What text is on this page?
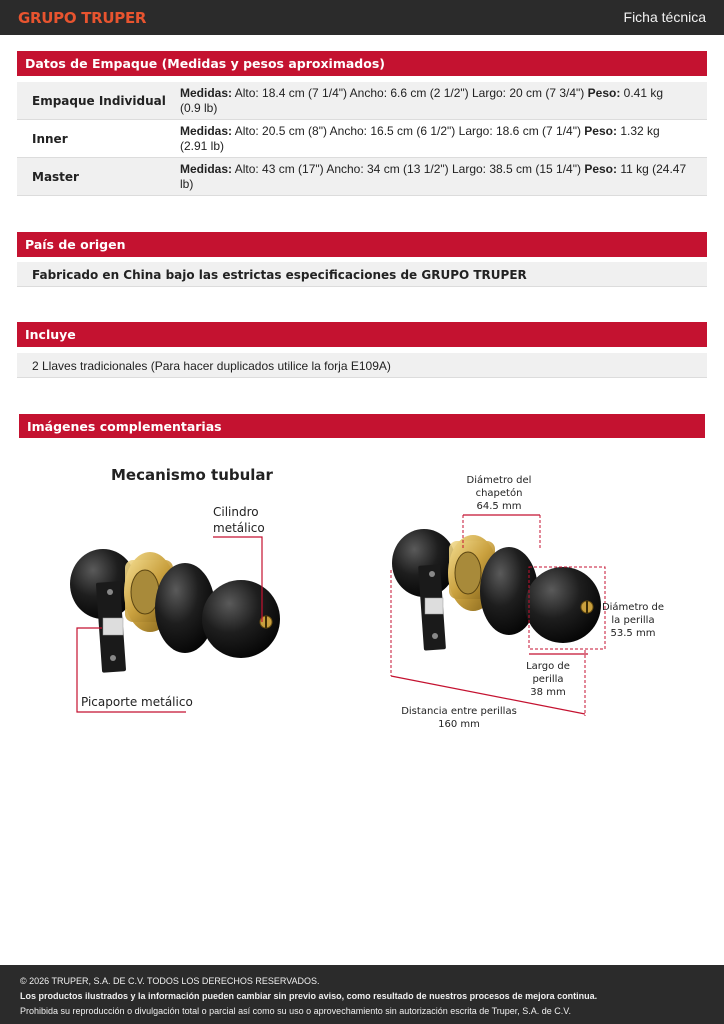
GRUPO TRUPER	Ficha técnica
Datos de Empaque (Medidas y pesos aproximados)
Empaque Individual
Medidas: Alto: 18.4 cm (7 1/4") Ancho: 6.6 cm (2 1/2") Largo: 20 cm (7 3/4") Peso: 0.41 kg (0.9 lb)
Inner
Medidas: Alto: 20.5 cm (8") Ancho: 16.5 cm (6 1/2") Largo: 18.6 cm (7 1/4") Peso: 1.32 kg (2.91 lb)
Master
Medidas: Alto: 43 cm (17") Ancho: 34 cm (13 1/2") Largo: 38.5 cm (15 1/4") Peso: 11 kg (24.47 lb)
País de origen
Fabricado en China bajo las estrictas especificaciones de GRUPO TRUPER
Incluye
2 Llaves tradicionales (Para hacer duplicados utilice la forja E109A)
Imágenes complementarias
Mecanismo tubular
Cilindro
metálico
Picaporte metálico
Diámetro del
chapetón
64.5 mm
Diámetro de
la perilla
53.5 mm
Largo de
perilla
38 mm
Distancia entre perillas
160 mm
© 2026 TRUPER, S.A. DE C.V. TODOS LOS DERECHOS RESERVADOS.
Los productos ilustrados y la información pueden cambiar sin previo aviso, como resultado de nuestros procesos de mejora continua.
Prohibida su reproducción o divulgación total o parcial así como su uso o aprovechamiento sin autorización escrita de Truper, S.A. de C.V.
